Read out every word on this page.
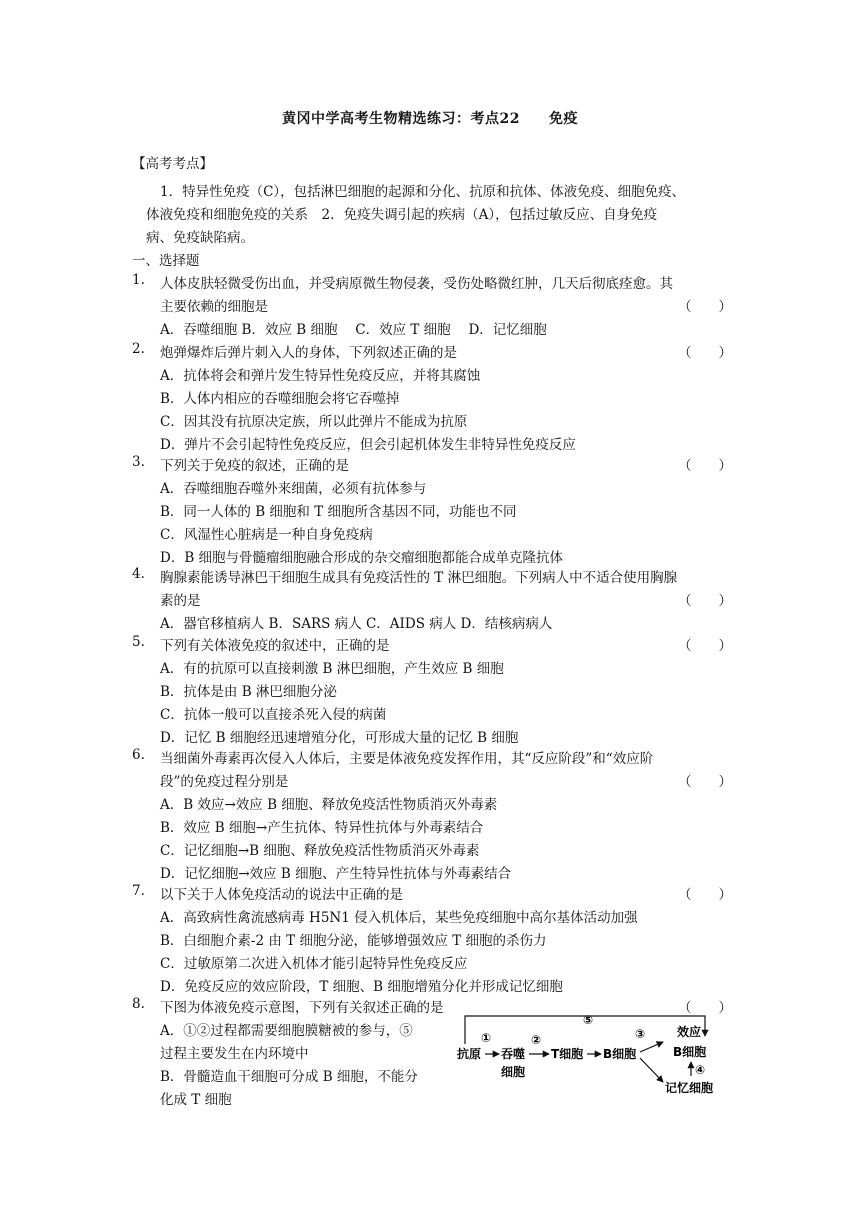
黄冈中学高考生物精选练习：考点22　　免疫
【高考考点】
1．特异性免疫（C），包括淋巴细胞的起源和分化、抗原和抗体、体液免疫、细胞免疫、
体液免疫和细胞免疫的关系　2．免疫失调引起的疾病（A），包括过敏反应、自身免疫
病、免疫缺陷病。
一、选择题
1. 人体皮肤轻微受伤出血，并受病原微生物侵袭，受伤处略微红肿，几天后彻底痊愈。其
主要依赖的细胞是	（　　）
A．吞噬细胞 B．效应 B 细胞　 C．效应 T 细胞　 D．记忆细胞
2. 炮弹爆炸后弹片刺入人的身体，下列叙述正确的是	（　　）
A．抗体将会和弹片发生特异性免疫反应，并将其腐蚀
B．人体内相应的吞噬细胞会将它吞噬掉
C．因其没有抗原决定族，所以此弹片不能成为抗原
D．弹片不会引起特性免疫反应，但会引起机体发生非特异性免疫反应
3. 下列关于免疫的叙述，正确的是	（　　）
A．吞噬细胞吞噬外来细菌，必须有抗体参与
B．同一人体的 B 细胞和 T 细胞所含基因不同，功能也不同
C．风湿性心脏病是一种自身免疫病
D．B 细胞与骨髓瘤细胞融合形成的杂交瘤细胞都能合成单克隆抗体
4. 胸腺素能诱导淋巴干细胞生成具有免疫活性的 T 淋巴细胞。下列病人中不适合使用胸腺
素的是	（　　）
A．器官移植病人 B．SARS 病人 C．AIDS 病人 D．结核病病人
5. 下列有关体液免疫的叙述中，正确的是	（　　）
A．有的抗原可以直接刺激 B 淋巴细胞，产生效应 B 细胞
B．抗体是由 B 淋巴细胞分泌
C．抗体一般可以直接杀死入侵的病菌
D．记忆 B 细胞经迅速增殖分化，可形成大量的记忆 B 细胞
6. 当细菌外毒素再次侵入人体后，主要是体液免疫发挥作用，其“反应阶段”和“效应阶
段”的免疫过程分别是	（　　）
A．B 效应→效应 B 细胞、释放免疫活性物质消灭外毒素
B．效应 B 细胞→产生抗体、特异性抗体与外毒素结合
C．记忆细胞→B 细胞、释放免疫活性物质消灭外毒素
D．记忆细胞→效应 B 细胞、产生特异性抗体与外毒素结合
7. 以下关于人体免疫活动的说法中正确的是	（　　）
A．高致病性禽流感病毒 H5N1 侵入机体后，某些免疫细胞中高尔基体活动加强
B．白细胞介素-2 由 T 细胞分泌，能够增强效应 T 细胞的杀伤力
C．过敏原第二次进入机体才能引起特异性免疫反应
D．免疫反应的效应阶段，T 细胞、B 细胞增殖分化并形成记忆细胞
8. 下图为体液免疫示意图，下列有关叙述正确的是	（　　）
A．①②过程都需要细胞膜糖被的参与，⑤
过程主要发生在内环境中
B．骨髓造血干细胞可分成 B 细胞，不能分
化成 T 细胞
⑤
抗原
①
吞噬
细胞
②
T细胞 B细胞
③	效应
B细胞
④
记忆细胞
